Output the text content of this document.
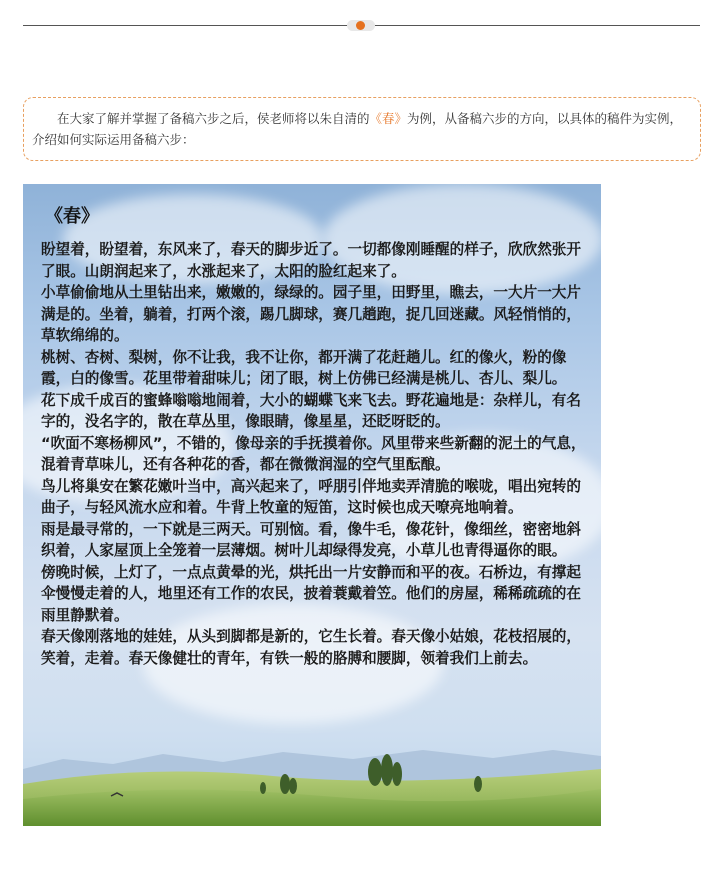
在大家了解并掌握了备稿六步之后，侯老师将以朱自清的《春》为例，从备稿六步的方向，以具体的稿件为实例，介绍如何实际运用备稿六步：
《春》

盼望着，盼望着，东风来了，春天的脚步近了。一切都像刚睡醒的样子，欣欣然张开了眼。山朗润起来了，水涨起来了，太阳的脸红起来了。

小草偷偷地从土里钻出来，嫩嫩的，绿绿的。园子里，田野里，瞧去，一大片一大片满是的。坐着，躺着，打两个滚，踢几脚球，赛几趟跑，捉几回迷藏。风轻悄悄的，草软绵绵的。

桃树、杏树、梨树，你不让我，我不让你，都开满了花赶趟儿。红的像火，粉的像霞，白的像雪。花里带着甜味儿；闭了眼，树上仿佛已经满是桃儿、杏儿、梨儿。

花下成千成百的蜜蜂嗡嗡地闹着，大小的蝴蝶飞来飞去。野花遍地是：杂样儿，有名字的，没名字的，散在草丛里，像眼睛，像星星，还眨呀眨的。

“吹面不寒杨柳风”，不错的，像母亲的手抚摸着你。风里带来些新翻的泥土的气息，混着青草味儿，还有各种花的香，都在微微润湿的空气里酝酿。

鸟儿将巢安在繁花嫩叶当中，高兴起来了，呼朋引伴地卖弄清脆的喉咙，唱出宛转的曲子，与轻风流水应和着。牛背上牧童的短笛，这时候也成天嘹亮地响着。

雨是最寻常的，一下就是三两天。可别恼。看，像牛毛，像花针，像细丝，密密地斜织着，人家屋顶上全笼着一层薄烟。树叶儿却绿得发亮，小草儿也青得逼你的眼。

傍晚时候，上灯了，一点点黄晕的光，烘托出一片安静而和平的夜。石桥边，有撑起伞慢慢走着的人，地里还有工作的农民，披着蓑戴着笠。他们的房屋，稀稀疏疏的在雨里静默着。

春天像刚落地的娃娃，从头到脚都是新的，它生长着。春天像小姑娘，花枝招展的，笑着，走着。春天像健壮的青年，有铁一般的胳膊和腰脚，领着我们上前去。
